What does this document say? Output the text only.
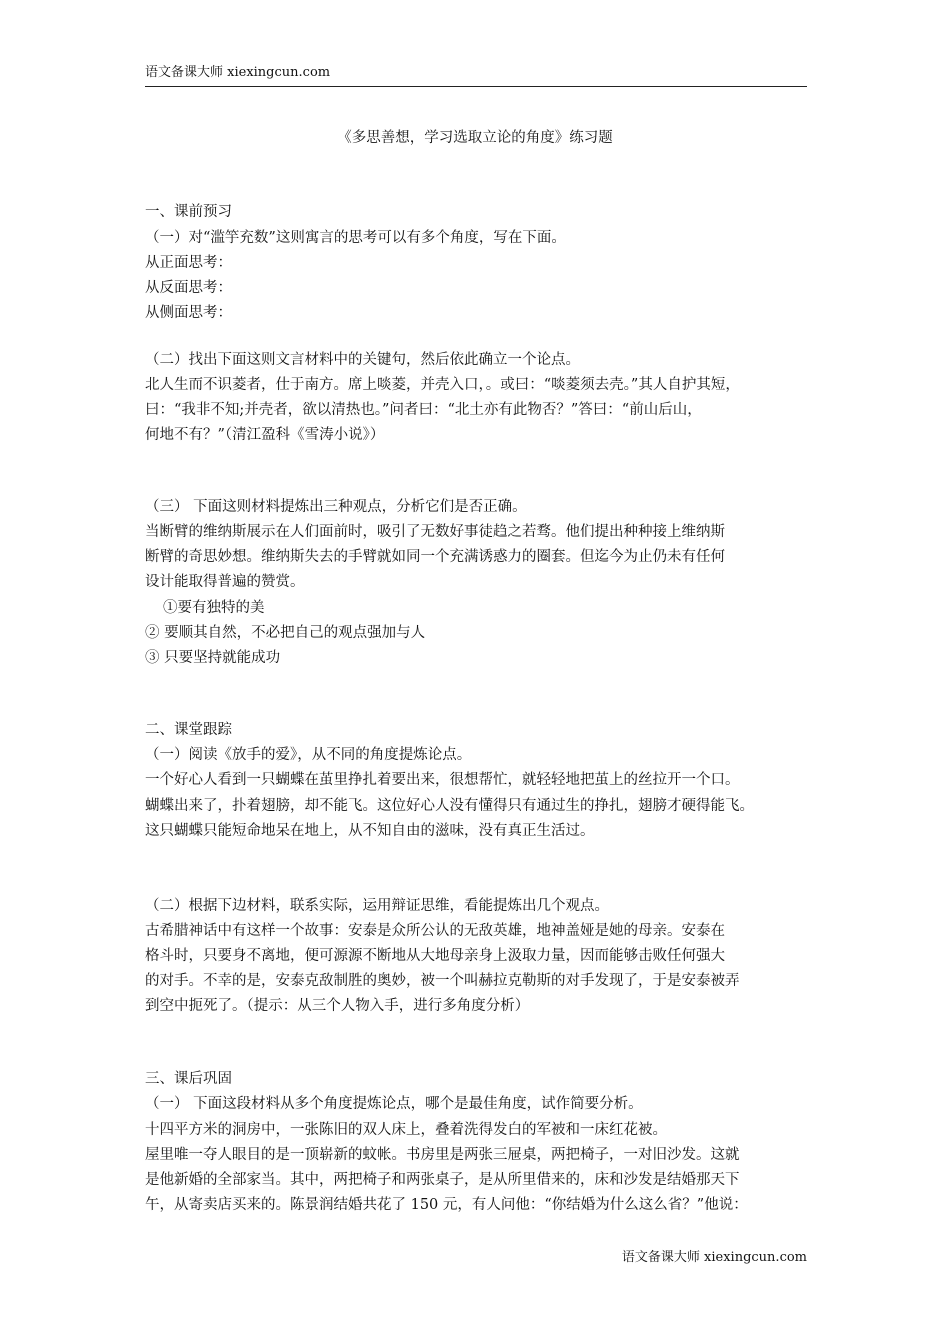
语文备课大师 xiexingcun.com
《多思善想，学习选取立论的角度》练习题
一、课前预习
（一）对“滥竽充数”这则寓言的思考可以有多个角度，写在下面。
从正面思考：
从反面思考：
从侧面思考：
（二）找出下面这则文言材料中的关键句，然后依此确立一个论点。
北人生而不识菱者，仕于南方。席上啖菱，并壳入口，。或曰：“啖菱须去壳。”其人自护其短，
曰：“我非不知;并壳者，欲以清热也。”问者曰：“北土亦有此物否？”答曰：“前山后山，
何地不有？”（清江盈科《雪涛小说》）
（三） 下面这则材料提炼出三种观点，分析它们是否正确。
当断臂的维纳斯展示在人们面前时，吸引了无数好事徒趋之若骛。他们提出种种接上维纳斯
断臂的奇思妙想。维纳斯失去的手臂就如同一个充满诱惑力的圈套。但迄今为止仍未有任何
设计能取得普遍的赞赏。
①要有独特的美
② 要顺其自然，不必把自己的观点强加与人
③ 只要坚持就能成功
二、课堂跟踪
（一）阅读《放手的爱》，从不同的角度提炼论点。
一个好心人看到一只蝴蝶在茧里挣扎着要出来，很想帮忙，就轻轻地把茧上的丝拉开一个口。
蝴蝶出来了，扑着翅膀，却不能飞。这位好心人没有懂得只有通过生的挣扎，翅膀才硬得能飞。
这只蝴蝶只能短命地呆在地上，从不知自由的滋味，没有真正生活过。
（二）根据下边材料，联系实际，运用辩证思维，看能提炼出几个观点。
古希腊神话中有这样一个故事：安泰是众所公认的无敌英雄，地神盖娅是她的母亲。安泰在
格斗时，只要身不离地，便可源源不断地从大地母亲身上汲取力量，因而能够击败任何强大
的对手。不幸的是，安泰克敌制胜的奥妙，被一个叫赫拉克勒斯的对手发现了，于是安泰被弄
到空中扼死了。（提示：从三个人物入手，进行多角度分析）
三、课后巩固
（一） 下面这段材料从多个角度提炼论点，哪个是最佳角度，试作简要分析。
十四平方米的洞房中，一张陈旧的双人床上，叠着洗得发白的军被和一床红花被。
屋里唯一夺人眼目的是一顶崭新的蚊帐。书房里是两张三屉桌，两把椅子，一对旧沙发。这就
是他新婚的全部家当。其中，两把椅子和两张桌子，是从所里借来的，床和沙发是结婚那天下
午，从寄卖店买来的。陈景润结婚共花了 150 元，有人问他：“你结婚为什么这么省？”他说：
语文备课大师 xiexingcun.com
